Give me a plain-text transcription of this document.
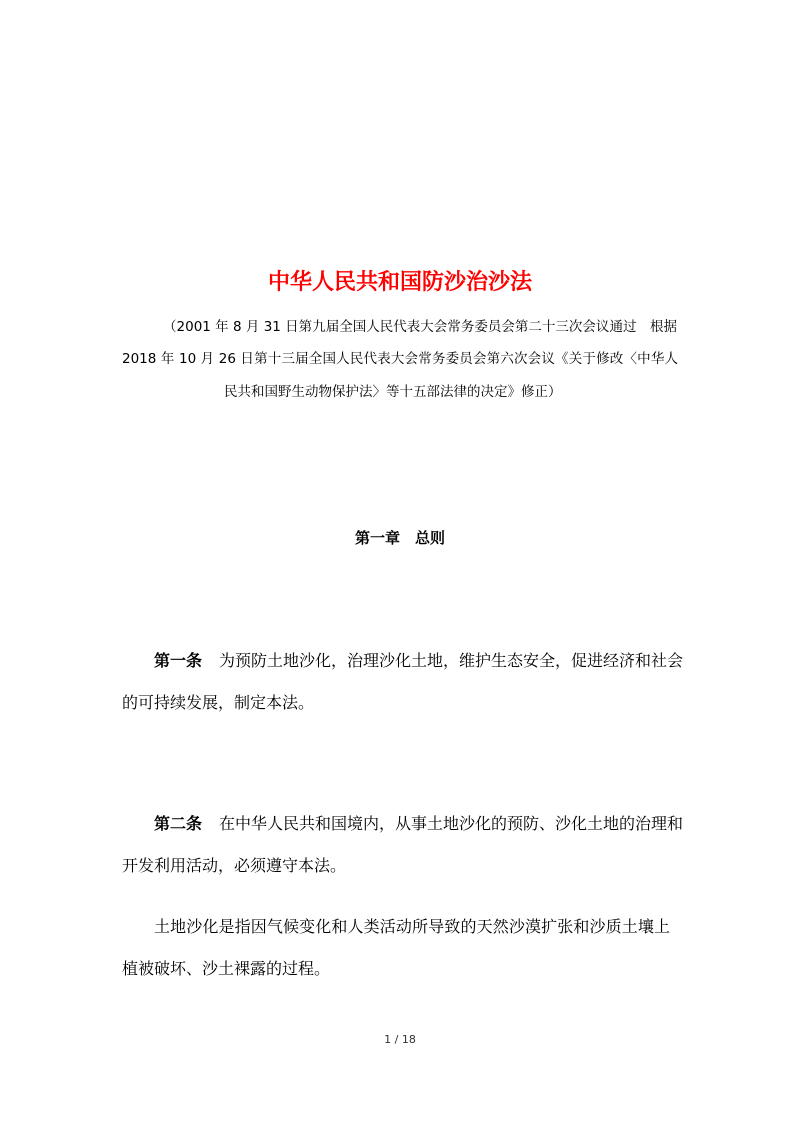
中华人民共和国防沙治沙法
（2001 年 8 月 31 日第九届全国人民代表大会常务委员会第二十三次会议通过　根据
2018 年 10 月 26 日第十三届全国人民代表大会常务委员会第六次会议《关于修改〈中华人
民共和国野生动物保护法〉等十五部法律的决定》修正）
第一章　总则
第一条 为预防土地沙化，治理沙化土地，维护生态安全，促进经济和社会
的可持续发展，制定本法。
第二条 在中华人民共和国境内，从事土地沙化的预防、沙化土地的治理和
开发利用活动，必须遵守本法。
土地沙化是指因气候变化和人类活动所导致的天然沙漠扩张和沙质土壤上
植被破坏、沙土裸露的过程。
1 / 18
